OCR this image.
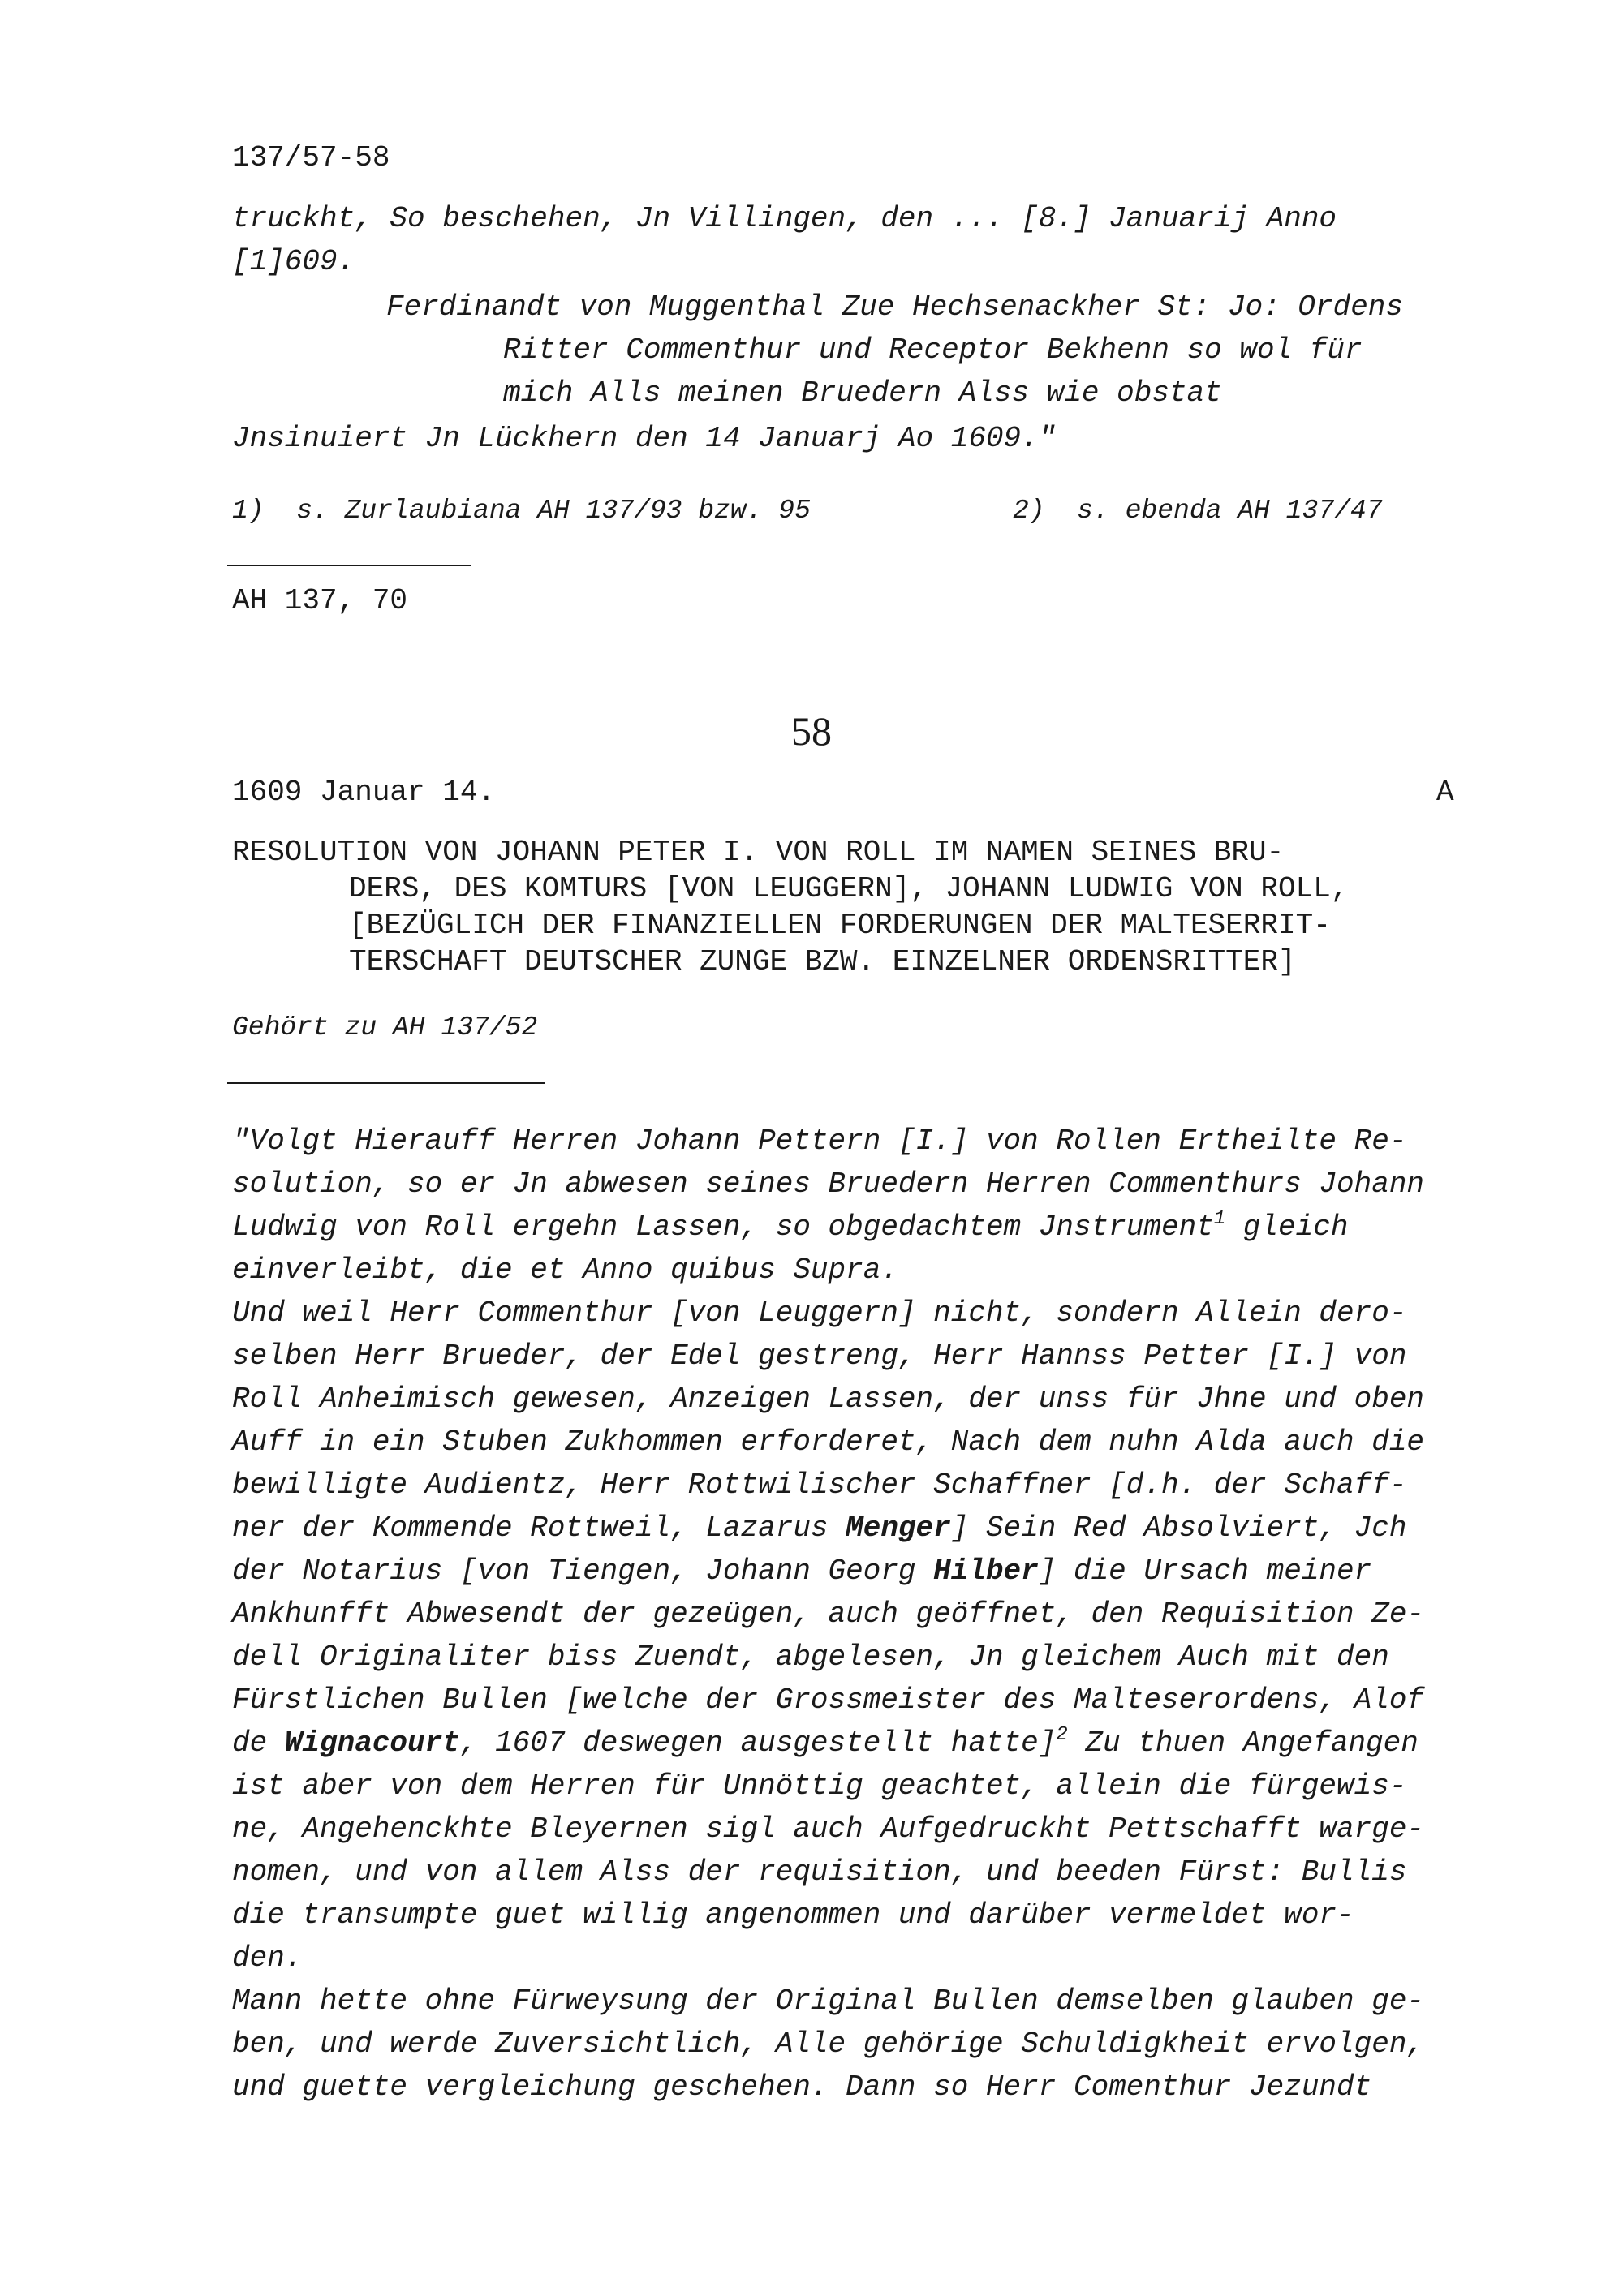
137/57-58
truckht, So beschehen, Jn Villingen, den ... [8.] Januarij Anno
[1]609.
Ferdinandt von Muggenthal Zue Hechsenackher St: Jo: Ordens
Ritter Commenthur und Receptor Bekhenn so wol für
mich Alls meinen Bruedern Alss wie obstat
Jnsinuiert Jn Lückhern den 14 Januarj Ao 1609."
1)  s. Zurlaubiana AH 137/93 bzw. 95	2)  s. ebenda AH 137/47
AH 137, 70
58
1609 Januar 14.	A
RESOLUTION VON JOHANN PETER I. VON ROLL IM NAMEN SEINES BRU-
DERS, DES KOMTURS [VON LEUGGERN], JOHANN LUDWIG VON ROLL,
[BEZÜGLICH DER FINANZIELLEN FORDERUNGEN DER MALTESERRIT-
TERSCHAFT DEUTSCHER ZUNGE BZW. EINZELNER ORDENSRITTER]
Gehört zu AH 137/52
"Volgt Hierauff Herren Johann Pettern [I.] von Rollen Ertheilte Re-
solution, so er Jn abwesen seines Bruedern Herren Commenthurs Johann
Ludwig von Roll ergehn Lassen, so obgedachtem Jnstrument$^1$ gleich
einverleibt, die et Anno quibus Supra.
Und weil Herr Commenthur [von Leuggern] nicht, sondern Allein dero-
selben Herr Brueder, der Edel gestreng, Herr Hannss Petter [I.] von
Roll Anheimisch gewesen, Anzeigen Lassen, der unss für Jhne und oben
Auff in ein Stuben Zukhommen erforderet, Nach dem nuhn Alda auch die
bewilligte Audientz, Herr Rottwilischer Schaffner [d.h. der Schaff-
ner der Kommende Rottweil, Lazarus Menger] Sein Red Absolviert, Jch
der Notarius [von Tiengen, Johann Georg Hilber] die Ursach meiner
Ankhunfft Abwesendt der gezeügen, auch geöffnet, den Requisition Ze-
dell Originaliter biss Zuendt, abgelesen, Jn gleichem Auch mit den
Fürstlichen Bullen [welche der Grossmeister des Malteserordens, Alof
de Wignacourt, 1607 deswegen ausgestellt hatte]$^2$ Zu thuen Angefangen
ist aber von dem Herren für Unnöttig geachtet, allein die fürgewis-
ne, Angehenckhte Bleyernen sigl auch Aufgedruckht Pettschafft warge-
nomen, und von allem Alss der requisition, und beeden Fürst: Bullis
die transumpte guet willig angenommen und darüber vermeldet wor-
den.
Mann hette ohne Fürweysung der Original Bullen demselben glauben ge-
ben, und werde Zuversichtlich, Alle gehörige Schuldigkheit ervolgen,
und guette vergleichung geschehen. Dann so Herr Comenthur Jezundt
